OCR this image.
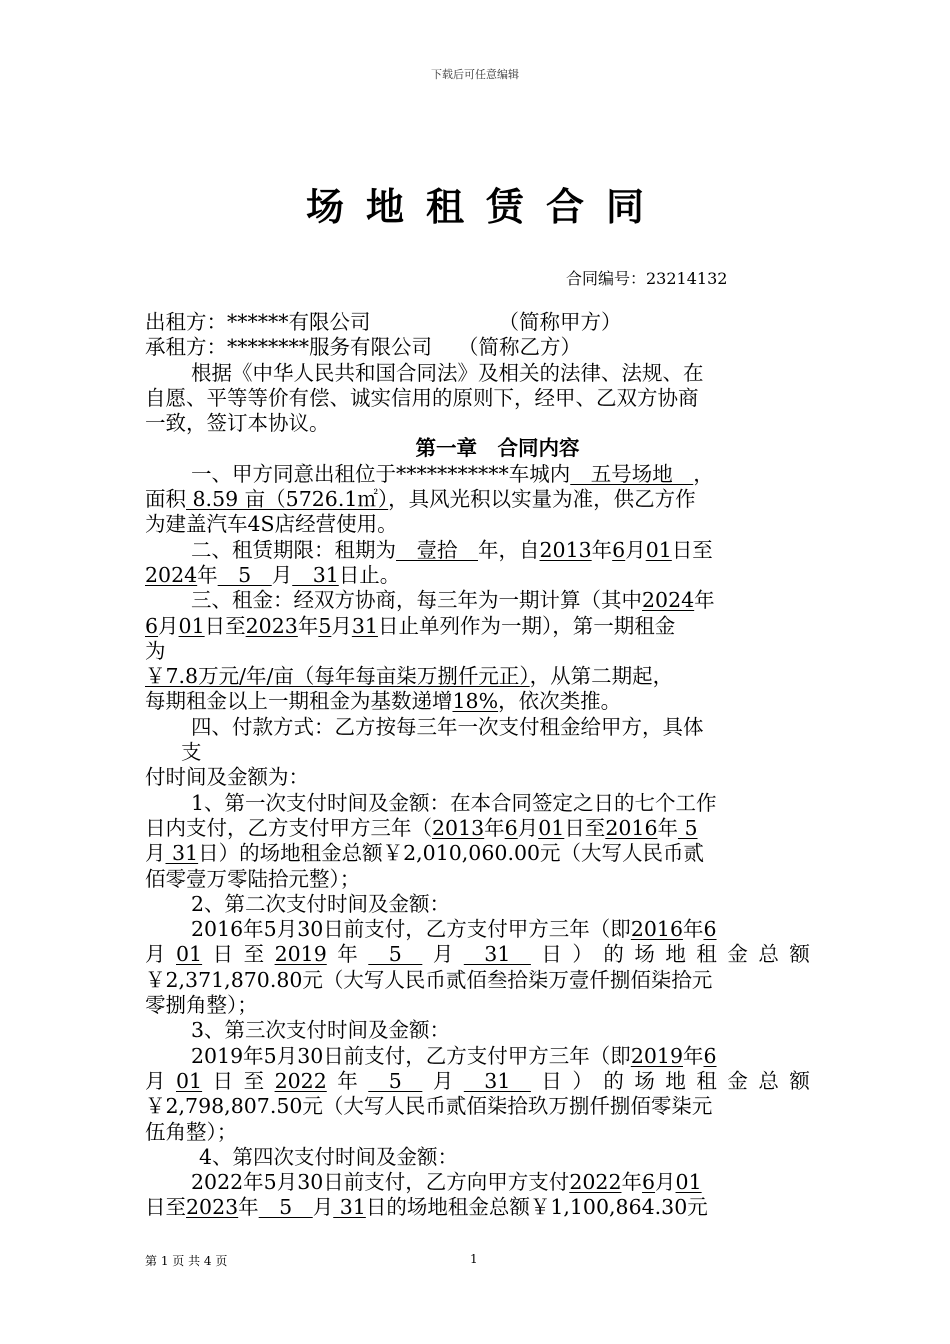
下载后可任意编辑
场地租赁合同
合同编号：23214132
出租方：******有限公司	（简称甲方）
承租方：********服务有限公司 （简称乙方）
根据《中华人民共和国合同法》及相关的法律、法规、在
自愿、平等等价有偿、诚实信用的原则下，经甲、乙双方协商
一致，签订本协议。
第一章　合同内容
一、甲方同意出租位于***********车城内　五号场地　，
面积 8.59 亩（5726.1㎡），具风光积以实量为准，供乙方作
为建盖汽车4S店经营使用。
二、租赁期限：租期为　壹拾　年，自2013年6月01日至
2024年　5　月　31日止。
三、租金：经双方协商，每三年为一期计算（其中2024年
6月01日至2023年5月31日止单列作为一期），第一期租金
为
￥7.8万元/年/亩（每年每亩柒万捌仟元正），从第二期起，
每期租金以上一期租金为基数递增18%，依次类推。
四、付款方式：乙方按每三年一次支付租金给甲方，具体
支
付时间及金额为：
1、第一次支付时间及金额：在本合同签定之日的七个工作
日内支付，乙方支付甲方三年（2013年6月01日至2016年 5
月 31日）的场地租金总额￥2,010,060.00元（大写人民币贰
佰零壹万零陆拾元整）；
2、第二次支付时间及金额：
2016年5月30日前支付，乙方支付甲方三年（即2016年6
月 01 日 至 2019 年 　5　 月 　31　 日 ） 的 场 地 租 金 总 额
￥2,371,870.80元（大写人民币贰佰叁拾柒万壹仟捌佰柒拾元
零捌角整）；
3、第三次支付时间及金额：
2019年5月30日前支付，乙方支付甲方三年（即2019年6
月 01 日 至 2022 年 　5　 月 　31　 日 ） 的 场 地 租 金 总 额
￥2,798,807.50元（大写人民币贰佰柒拾玖万捌仟捌佰零柒元
伍角整）；
4、第四次支付时间及金额：
2022年5月30日前支付，乙方向甲方支付2022年6月01
日至2023年　5　月 31日的场地租金总额￥1,100,864.30元
第 1 页 共 4 页	1
